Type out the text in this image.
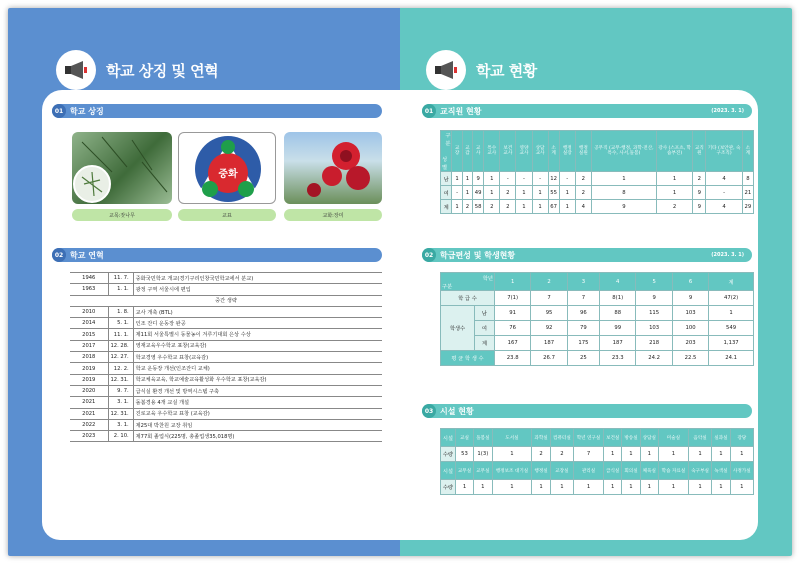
학교 상징 및 연혁	학교 현황
01 학교 상징
중화
교목:잣나무	교표	교화:장미
02 학교 연혁
1946	11. 7.	중화국민학교 개교(경기구리인창국민학교에서 분교)
1963	1. 1.	광정 구역 서울시에 편입
중간 생략		
2010	1. 8.	교사 개축 (BTL)
2014	5. 1.	인조 잔디 운동장 완공
2015	11. 1.	제11회 서울특별시 동물농이 겨루기대회 은상 수상
2017	12. 28.	영재교육우수학교 표창(교육감)
2018	12. 27.	학교경영 우수학교 표창(교육감)
2019	12. 2.	학교 운동장 개선(인조잔디 교체)
2019	12. 31.	학교체육교육, 학교예술교육활성화 우수학교 표창(교육감)
2020	9. 7.	급식실 환경 개선 및 방역시스템 구축
2021	3. 1.	돌봄경용 4개 교실 개설
2021	12. 31.	진로교육 우수학교 표창 (교육감)
2022	3. 1.	제25대 박찬원 교장 취임
2023	2. 10.	제77회 졸업식(225명, 총졸업생35,018명)
01 교직원 현황	(2023. 3. 1)
구분
성별	교장	교감	교사	특수교사	보건교사	영양교사	상담교사	소계	행정실장	행정실원	공무직 (교무·행정, 과학·전산,특수, 사서,돌봄)	강사 (스포츠, 학습부진)	교직원	기타 (보안관, 숙구조직)	소계
남	1	1	9	1	-	-	-	12	-	2	1	1	2	4	8
여	-	1	49	1	2	1	1	55	1	2	8	1	9	-	21
계	1	2	58	2	2	1	1	67	1	4	9	2	9	4	29
02 학급편성 및 학생현황	(2023. 3. 1)
학년
구분		1	2	3	4	5	6	계
학 급 수		7(1)	7	7	8(1)	9	9	47(2)
학생수	남	91	95	96	88	115	103	1
	여	76	92	79	99	103	100	549
	계	167	187	175	187	218	203	1,137
평 균 학 생 수		23.8	26.7	25	23.3	24.2	22.5	24.1
03 시설 현황
시설	교실	돌봄실	도서실	과학실	컴퓨터실	학년 연구실	보건실	방송실	상담실	미술실	음악실	실과실	강당
수량	53	1(3)	1	2	2	7	1	1	1	1	1	1	1
시설	교무실	교무실	행정보조 대기실	행정실	교장실	관리실	급식실	회의실	체육실	학습 자료실	숙구부실	녹색실	사정가실
수량	1	1	1	1	1	1	1	1	1	1	1	1	1
